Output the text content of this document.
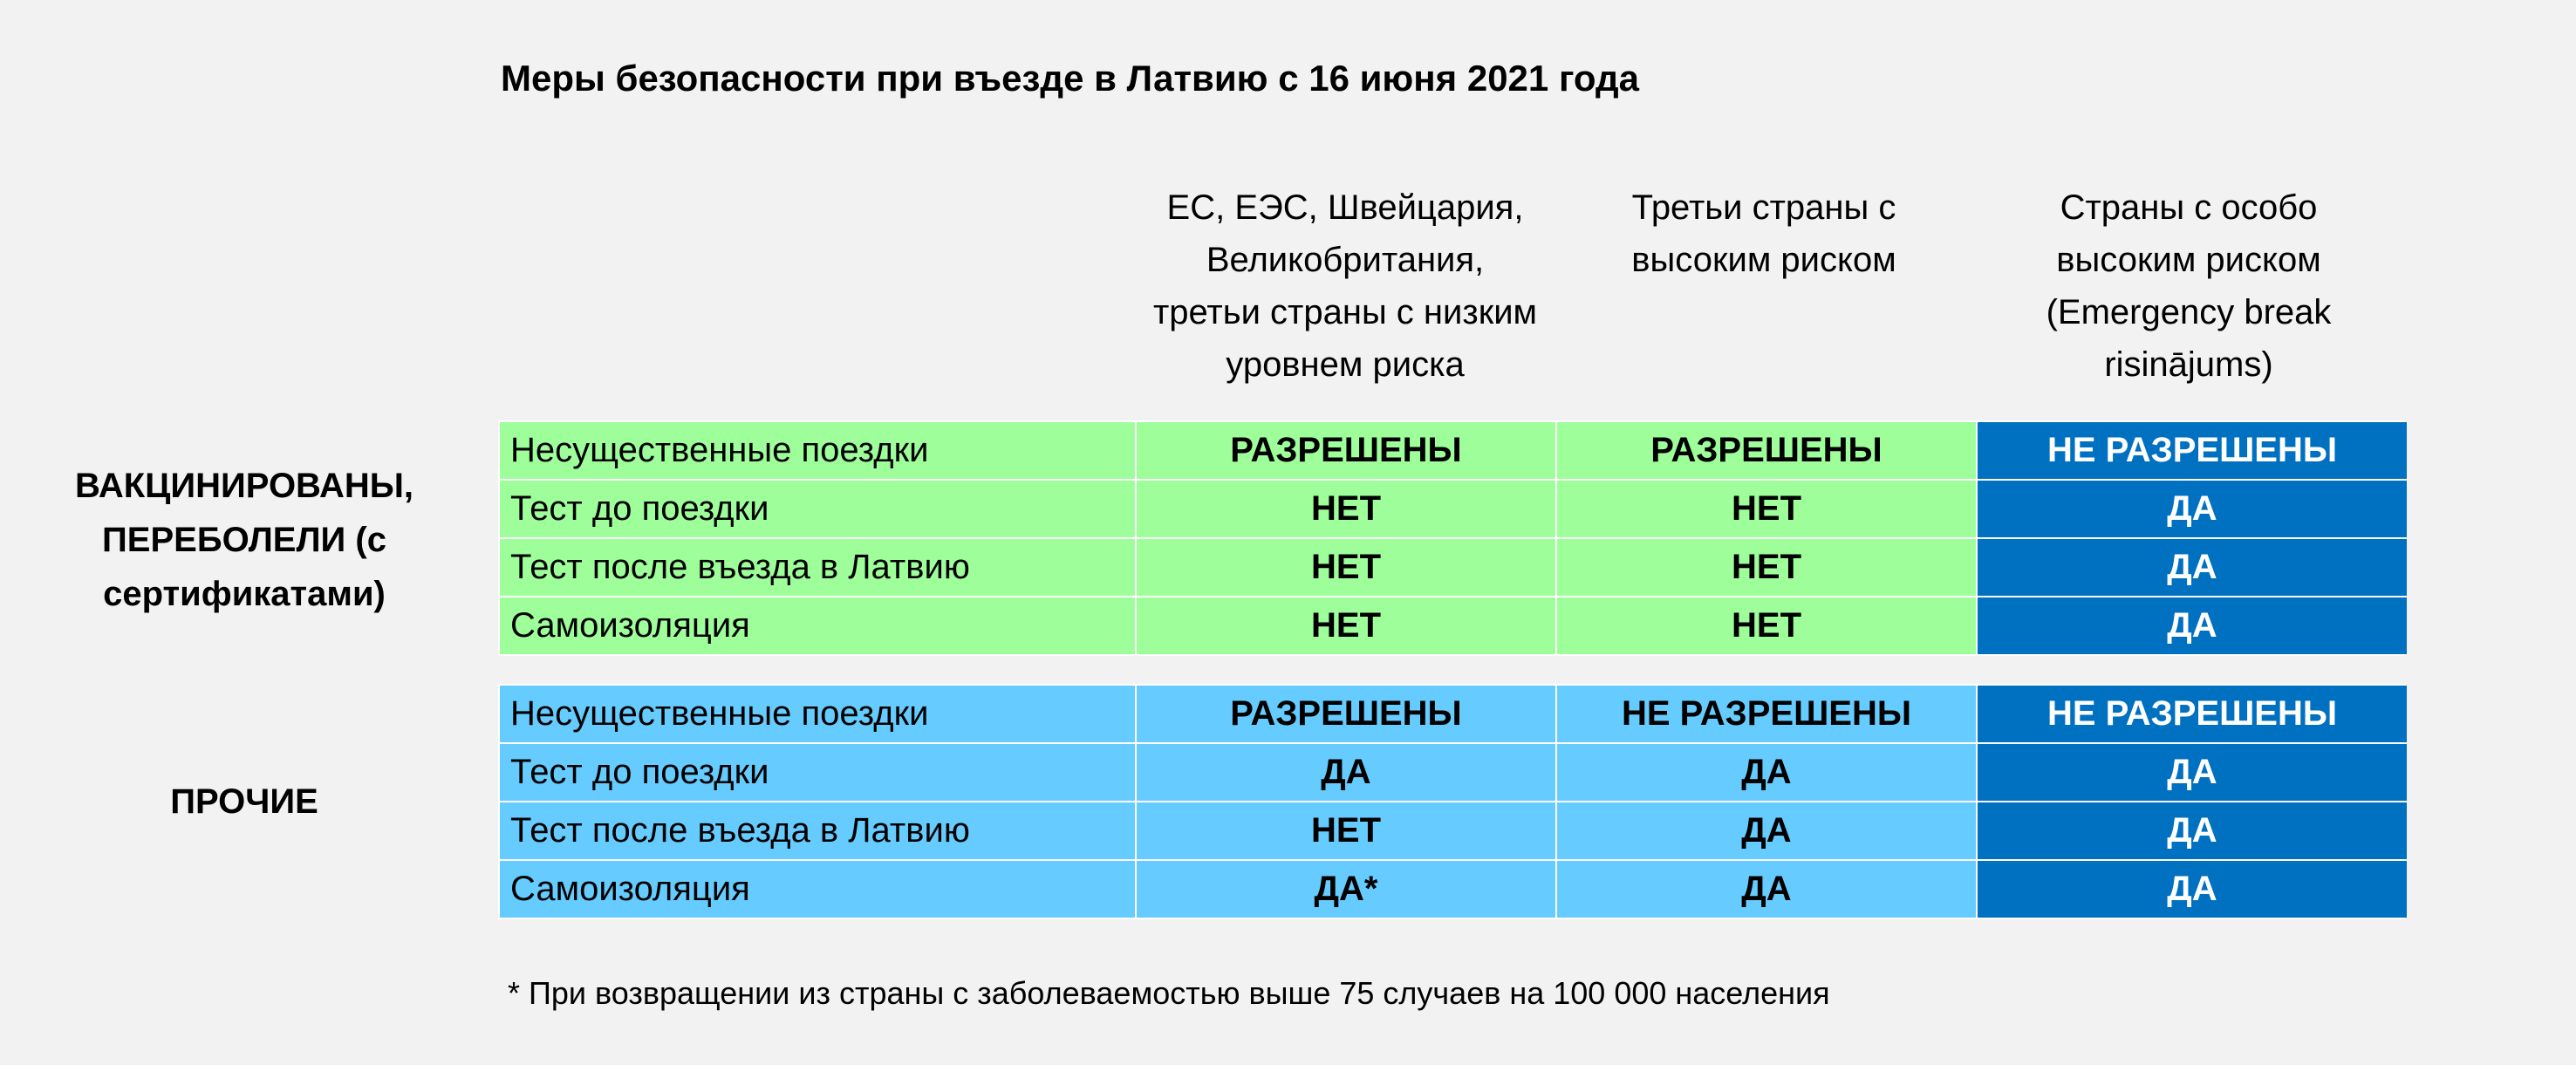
Меры безопасности при въезде в Латвию с 16 июня 2021 года
ЕС, ЕЭС, Швейцария,
Великобритания,
третьи страны с низким
уровнем риска
Третьи страны с
высоким риском
Страны с особо
высоким риском
(Emergency break
risinājums)
ВАКЦИНИРОВАНЫ,
ПЕРЕБОЛЕЛИ (с
сертификатами)
Несущественные поездки	РАЗРЕШЕНЫ	РАЗРЕШЕНЫ	НЕ РАЗРЕШЕНЫ
Тест до поездки	НЕТ	НЕТ	ДА
Тест после въезда в Латвию	НЕТ	НЕТ	ДА
Самоизоляция	НЕТ	НЕТ	ДА
ПРОЧИЕ
Несущественные поездки	РАЗРЕШЕНЫ	НЕ РАЗРЕШЕНЫ	НЕ РАЗРЕШЕНЫ
Тест до поездки	ДА	ДА	ДА
Тест после въезда в Латвию	НЕТ	ДА	ДА
Самоизоляция	ДА*	ДА	ДА
* При возвращении из страны с заболеваемостью выше 75 случаев на 100 000 населения
